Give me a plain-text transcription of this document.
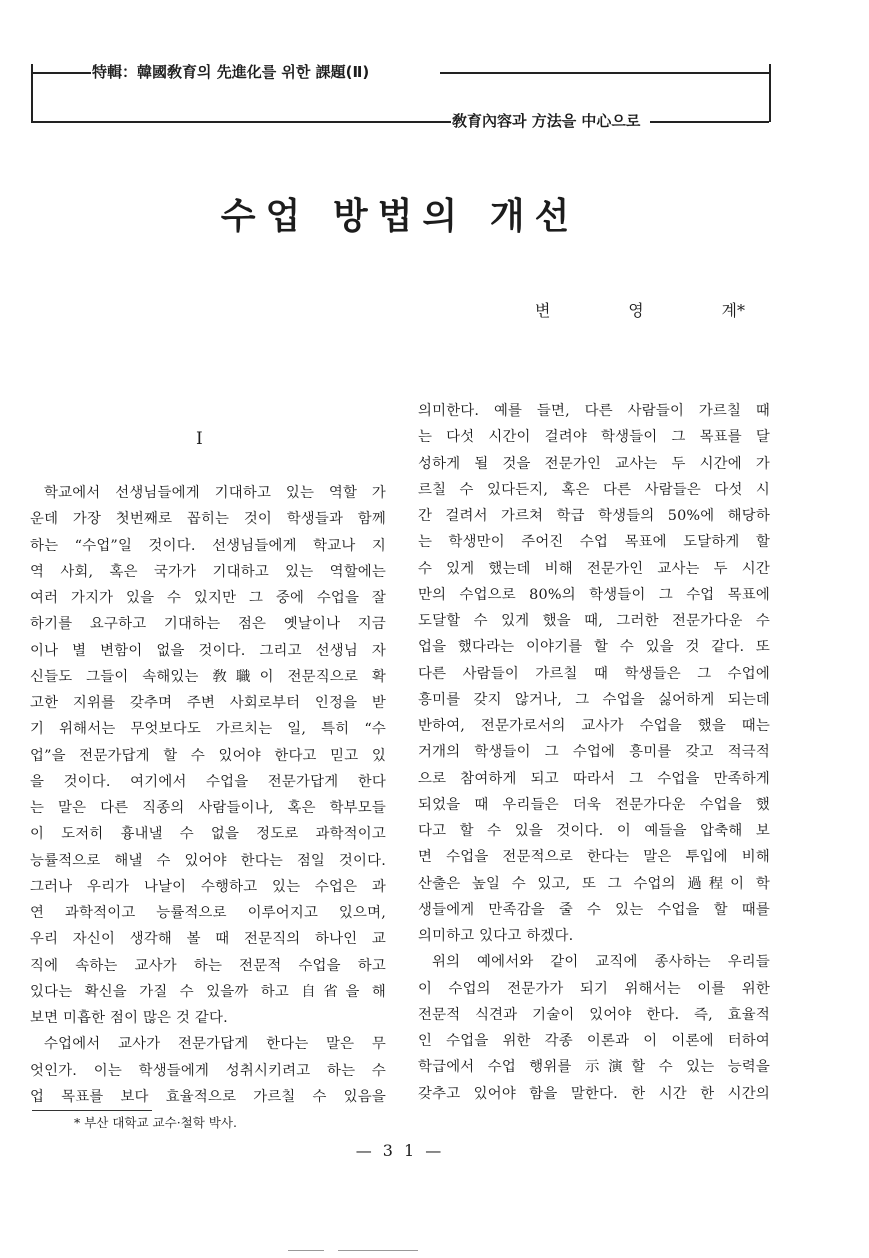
特輯：韓國敎育의 先進化를 위한 課題(Ⅱ)
敎育內容과 方法을 中心으로
수업 방법의 개선
변	영	계*
I

학교에서 선생님들에게 기대하고 있는 역할 가

운데 가장 첫번째로 꼽히는 것이 학생들과 함께

하는 “수업”일 것이다. 선생님들에게 학교나 지

역 사회, 혹은 국가가 기대하고 있는 역할에는

여러 가지가 있을 수 있지만 그 중에 수업을 잘

하기를 요구하고 기대하는 점은 옛날이나 지금

이나 별 변함이 없을 것이다. 그리고 선생님 자

신들도 그들이 속해있는 敎職이 전문직으로 확

고한 지위를 갖추며 주변 사회로부터 인정을 받

기 위해서는 무엇보다도 가르치는 일, 특히 “수

업”을 전문가답게 할 수 있어야 한다고 믿고 있

을 것이다. 여기에서 수업을 전문가답게 한다

는 말은 다른 직종의 사람들이나, 혹은 학부모들

이 도저히 흉내낼 수 없을 정도로 과학적이고

능률적으로 해낼 수 있어야 한다는 점일 것이다.

그러나 우리가 나날이 수행하고 있는 수업은 과

연 과학적이고 능률적으로 이루어지고 있으며,

우리 자신이 생각해 볼 때 전문직의 하나인 교

직에 속하는 교사가 하는 전문적 수업을 하고

있다는 확신을 가질 수 있을까 하고 自省을 해

보면 미흡한 점이 많은 것 같다.

수업에서 교사가 전문가답게 한다는 말은 무

엇인가. 이는 학생들에게 성취시키려고 하는 수

업 목표를 보다 효율적으로 가르칠 수 있음을

의미한다. 예를 들면, 다른 사람들이 가르칠 때

는 다섯 시간이 걸려야 학생들이 그 목표를 달

성하게 될 것을 전문가인 교사는 두 시간에 가

르칠 수 있다든지, 혹은 다른 사람들은 다섯 시

간 걸려서 가르쳐 학급 학생들의 50%에 해당하

는 학생만이 주어진 수업 목표에 도달하게 할

수 있게 했는데 비해 전문가인 교사는 두 시간

만의 수업으로 80%의 학생들이 그 수업 목표에

도달할 수 있게 했을 때, 그러한 전문가다운 수

업을 했다라는 이야기를 할 수 있을 것 같다. 또

다른 사람들이 가르칠 때 학생들은 그 수업에

흥미를 갖지 않거나, 그 수업을 싫어하게 되는데

반하여, 전문가로서의 교사가 수업을 했을 때는

거개의 학생들이 그 수업에 흥미를 갖고 적극적

으로 참여하게 되고 따라서 그 수업을 만족하게

되었을 때 우리들은 더욱 전문가다운 수업을 했

다고 할 수 있을 것이다. 이 예들을 압축해 보

면 수업을 전문적으로 한다는 말은 투입에 비해

산출은 높일 수 있고, 또 그 수업의 過程이 학

생들에게 만족감을 줄 수 있는 수업을 할 때를

의미하고 있다고 하겠다.

위의 예에서와 같이 교직에 종사하는 우리들

이 수업의 전문가가 되기 위해서는 이를 위한

전문적 식견과 기술이 있어야 한다. 즉, 효율적

인 수업을 위한 각종 이론과 이 이론에 터하여

학급에서 수업 행위를 示演할 수 있는 능력을

갖추고 있어야 함을 말한다. 한 시간 한 시간의

* 부산 대학교 교수·철학 박사.
— 3 1 —
